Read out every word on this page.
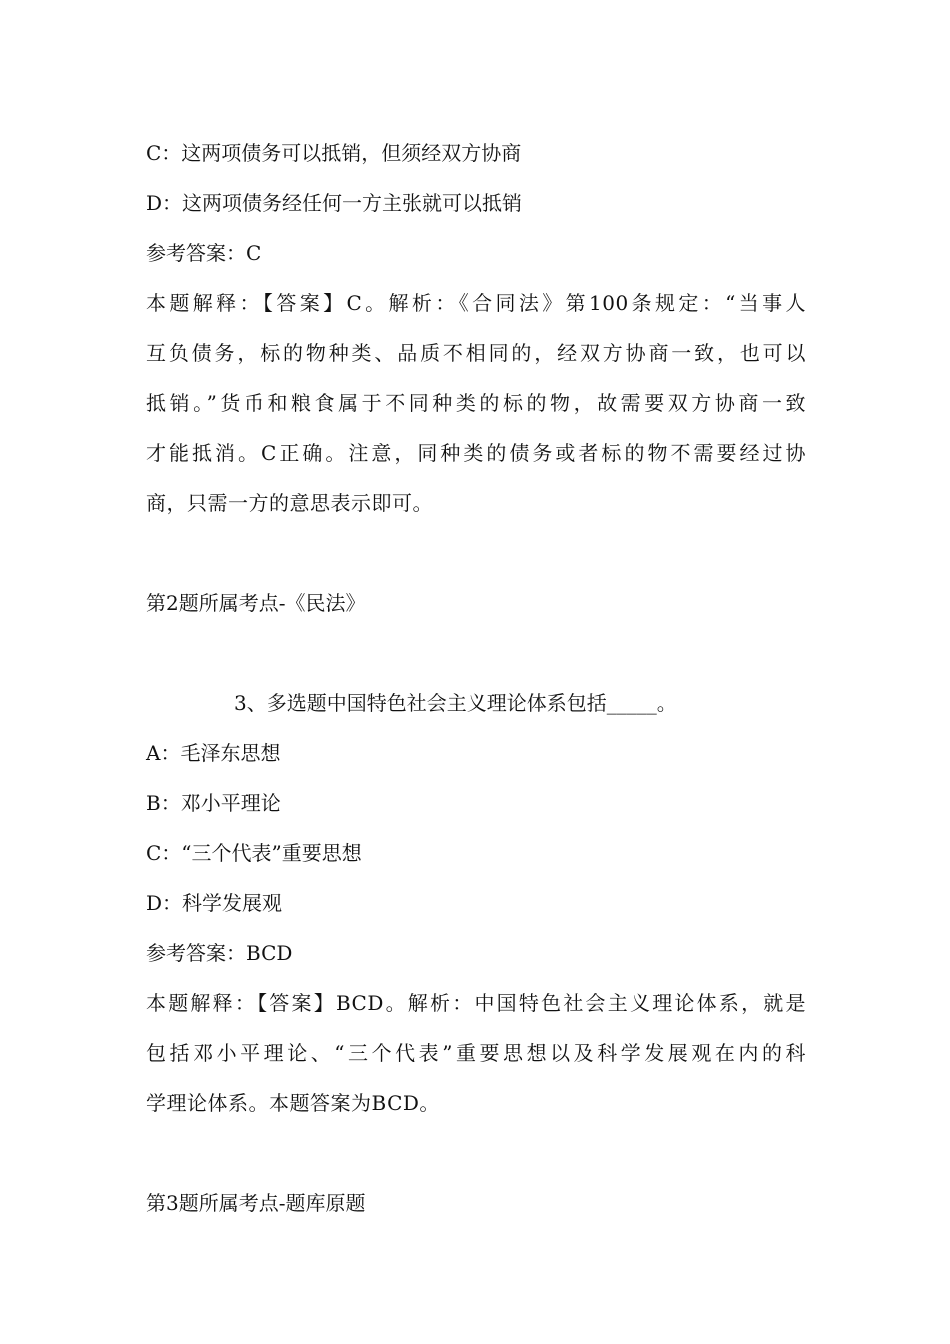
C：这两项债务可以抵销，但须经双方协商
D：这两项债务经任何一方主张就可以抵销
参考答案：C
本题解释：【答案】C。解析：《合同法》第100条规定：“当事人
互负债务，标的物种类、品质不相同的，经双方协商一致，也可以
抵销。”货币和粮食属于不同种类的标的物，故需要双方协商一致
才能抵消。C正确。注意，同种类的债务或者标的物不需要经过协
商，只需一方的意思表示即可。
第2题所属考点-《民法》
3、多选题中国特色社会主义理论体系包括_____。
A：毛泽东思想
B：邓小平理论
C：“三个代表”重要思想
D：科学发展观
参考答案：BCD
本题解释：【答案】BCD。解析：中国特色社会主义理论体系，就是
包括邓小平理论、“三个代表”重要思想以及科学发展观在内的科
学理论体系。本题答案为BCD。
第3题所属考点-题库原题
